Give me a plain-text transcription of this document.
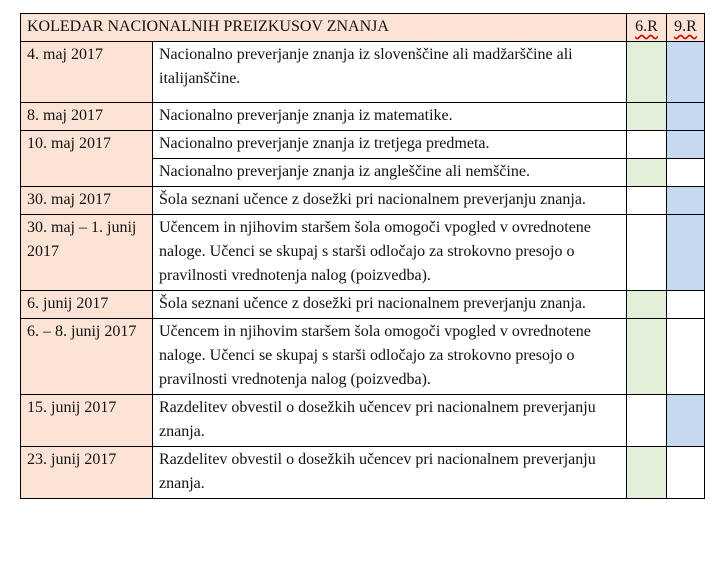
KOLEDAR NACIONALNIH PREIZKUSOV ZNANJA		6.R	9.R
4. maj 2017	Nacionalno preverjanje znanja iz slovenščine ali madžarščine ali italijanščine.		
8. maj 2017	Nacionalno preverjanje znanja iz matematike.		
10. maj 2017	Nacionalno preverjanje znanja iz tretjega predmeta.		
	Nacionalno preverjanje znanja iz angleščine ali nemščine.		
30. maj 2017	Šola seznani učence z dosežki pri nacionalnem preverjanju znanja.		
30. maj – 1. junij 2017	Učencem in njihovim staršem šola omogoči vpogled v ovrednotene naloge. Učenci se skupaj s starši odločajo za strokovno presojo o pravilnosti vrednotenja nalog (poizvedba).		
6. junij 2017	Šola seznani učence z dosežki pri nacionalnem preverjanju znanja.		
6. – 8. junij 2017	Učencem in njihovim staršem šola omogoči vpogled v ovrednotene naloge. Učenci se skupaj s starši odločajo za strokovno presojo o pravilnosti vrednotenja nalog (poizvedba).		
15. junij 2017	Razdelitev obvestil o dosežkih učencev pri nacionalnem preverjanju znanja.		
23. junij 2017	Razdelitev obvestil o dosežkih učencev pri nacionalnem preverjanju znanja.		
